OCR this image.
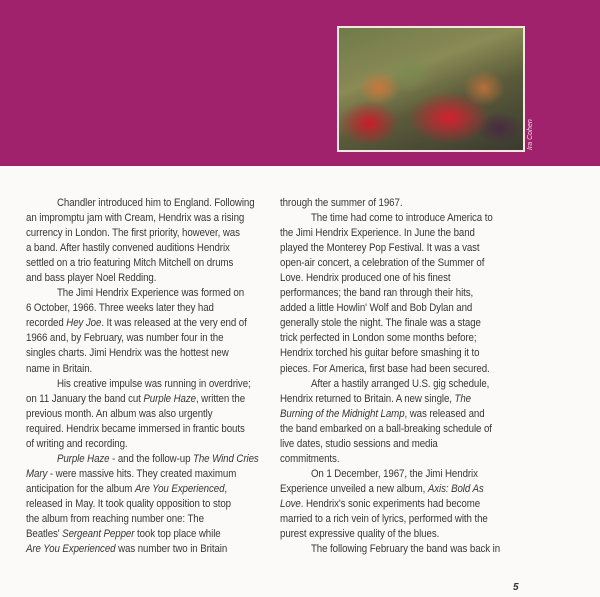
Ira Cohen
Chandler introduced him to England. Following
an impromptu jam with Cream, Hendrix was a rising
currency in London. The first priority, however, was
a band. After hastily convened auditions Hendrix
settled on a trio featuring Mitch Mitchell on drums
and bass player Noel Redding.
The Jimi Hendrix Experience was formed on
6 October, 1966. Three weeks later they had
recorded Hey Joe. It was released at the very end of
1966 and, by February, was number four in the
singles charts. Jimi Hendrix was the hottest new
name in Britain.
His creative impulse was running in overdrive;
on 11 January the band cut Purple Haze, written the
previous month. An album was also urgently
required. Hendrix became immersed in frantic bouts
of writing and recording.
Purple Haze - and the follow-up The Wind Cries
Mary - were massive hits. They created maximum
anticipation for the album Are You Experienced,
released in May. It took quality opposition to stop
the album from reaching number one: The
Beatles' Sergeant Pepper took top place while
Are You Experienced was number two in Britain
through the summer of 1967.
The time had come to introduce America to
the Jimi Hendrix Experience. In June the band
played the Monterey Pop Festival. It was a vast
open-air concert, a celebration of the Summer of
Love. Hendrix produced one of his finest
performances; the band ran through their hits,
added a little Howlin' Wolf and Bob Dylan and
generally stole the night. The finale was a stage
trick perfected in London some months before;
Hendrix torched his guitar before smashing it to
pieces. For America, first base had been secured.
After a hastily arranged U.S. gig schedule,
Hendrix returned to Britain. A new single, The
Burning of the Midnight Lamp, was released and
the band embarked on a ball-breaking schedule of
live dates, studio sessions and media
commitments.
On 1 December, 1967, the Jimi Hendrix
Experience unveiled a new album, Axis: Bold As
Love. Hendrix's sonic experiments had become
married to a rich vein of lyrics, performed with the
purest expressive quality of the blues.
The following February the band was back in
5
